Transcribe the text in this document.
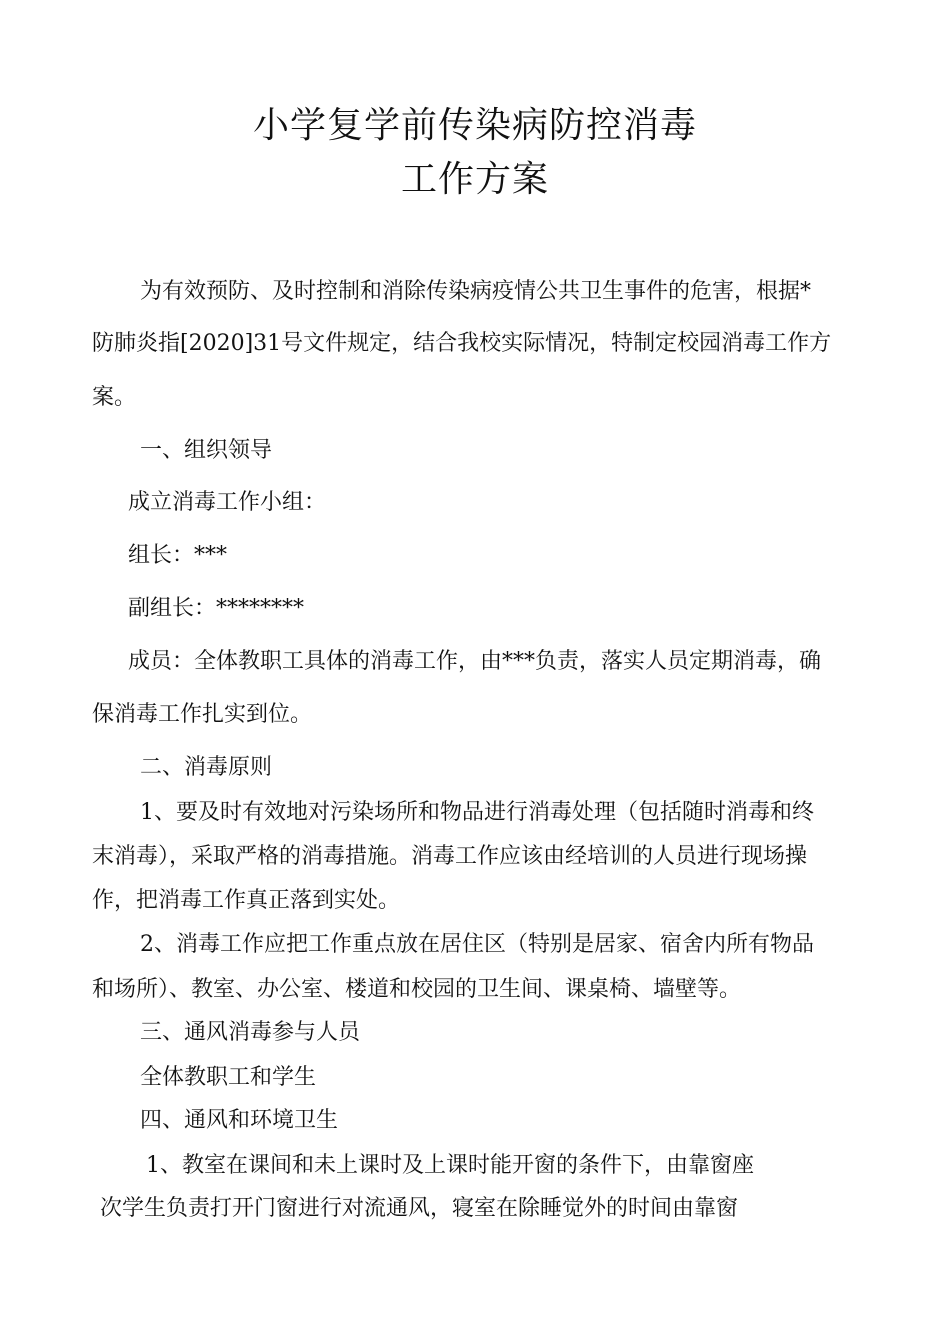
小学复学前传染病防控消毒
工作方案
为有效预防、及时控制和消除传染病疫情公共卫生事件的危害，根据*
防肺炎指[2020]31号文件规定，结合我校实际情况，特制定校园消毒工作方
案。
一、组织领导
成立消毒工作小组：
组长：***
副组长：********
成员：全体教职工具体的消毒工作，由***负责，落实人员定期消毒，确
保消毒工作扎实到位。
二、消毒原则
1、要及时有效地对污染场所和物品进行消毒处理（包括随时消毒和终
末消毒），采取严格的消毒措施。消毒工作应该由经培训的人员进行现场操
作，把消毒工作真正落到实处。
2、消毒工作应把工作重点放在居住区（特别是居家、宿舍内所有物品
和场所）、教室、办公室、楼道和校园的卫生间、课桌椅、墙壁等。
三、通风消毒参与人员
全体教职工和学生
四、通风和环境卫生
1、教室在课间和未上课时及上课时能开窗的条件下，由靠窗座
次学生负责打开门窗进行对流通风，寝室在除睡觉外的时间由靠窗
